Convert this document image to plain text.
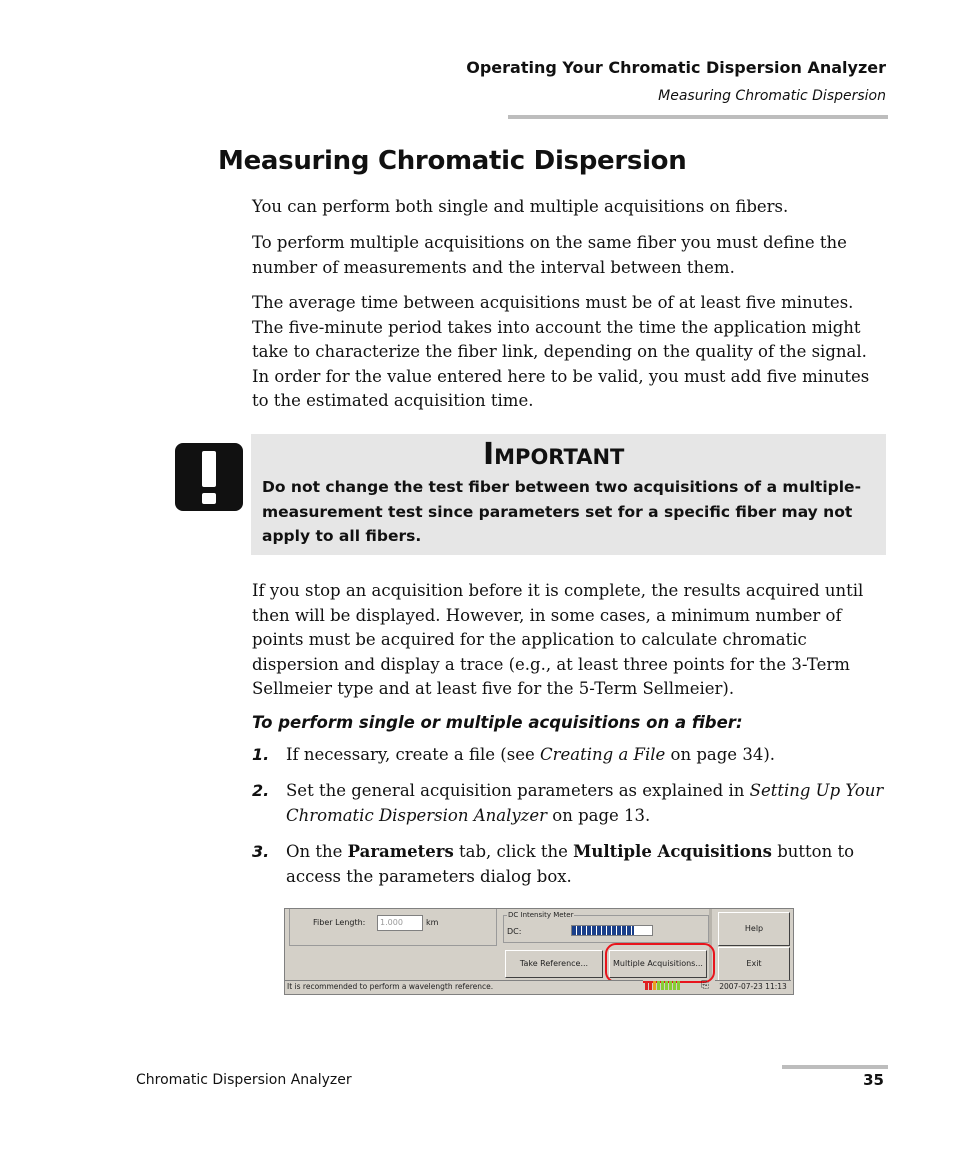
Operating Your Chromatic Dispersion Analyzer
Measuring Chromatic Dispersion
Measuring Chromatic Dispersion

You can perform both single and multiple acquisitions on fibers.

To perform multiple acquisitions on the same fiber you must define the number of measurements and the interval between them.

The average time between acquisitions must be of at least five minutes. The five-minute period takes into account the time the application might take to characterize the fiber link, depending on the quality of the signal. In order for the value entered here to be valid, you must add five minutes to the estimated acquisition time.

Important
Do not change the test fiber between two acquisitions of a multiple-measurement test since parameters set for a specific fiber may not apply to all fibers.

If you stop an acquisition before it is complete, the results acquired until then will be displayed. However, in some cases, a minimum number of points must be acquired for the application to calculate chromatic dispersion and display a trace (e.g., at least three points for the 3-Term Sellmeier type and at least five for the 5-Term Sellmeier).

To perform single or multiple acquisitions on a fiber:
1. If necessary, create a file (see Creating a File on page 34).
2. Set the general acquisition parameters as explained in Setting Up Your Chromatic Dispersion Analyzer on page 13.
3. On the Parameters tab, click the Multiple Acquisitions button to access the parameters dialog box.
Fiber Length:	1.000	km
DC Intensity Meter
DC:	Help
Exit
Take Reference...	Multiple Acquisitions...
It is recommended to perform a wavelength reference.	⎘	2007-07-23 11:13
Chromatic Dispersion Analyzer	35
